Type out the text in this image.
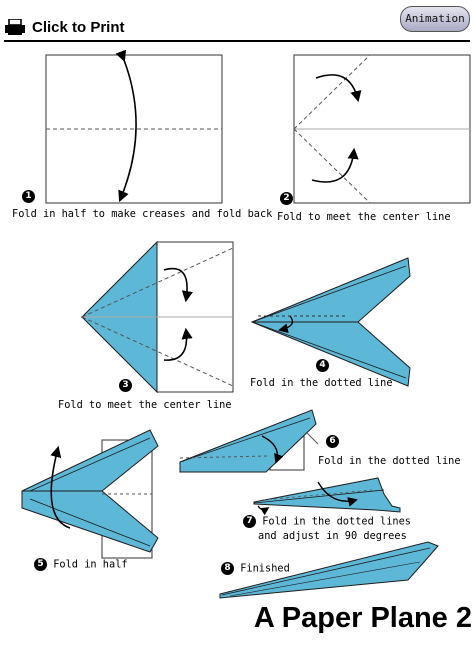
Click to Print	Animation
1
Fold in half to make creases and fold back
2
Fold to meet the center line
3
Fold to meet the center line
4
Fold in the dotted line
5 Fold in half
6
Fold in the dotted line
7 Fold in the dotted lines
and adjust in 90 degrees
8 Finished
A Paper Plane 2
